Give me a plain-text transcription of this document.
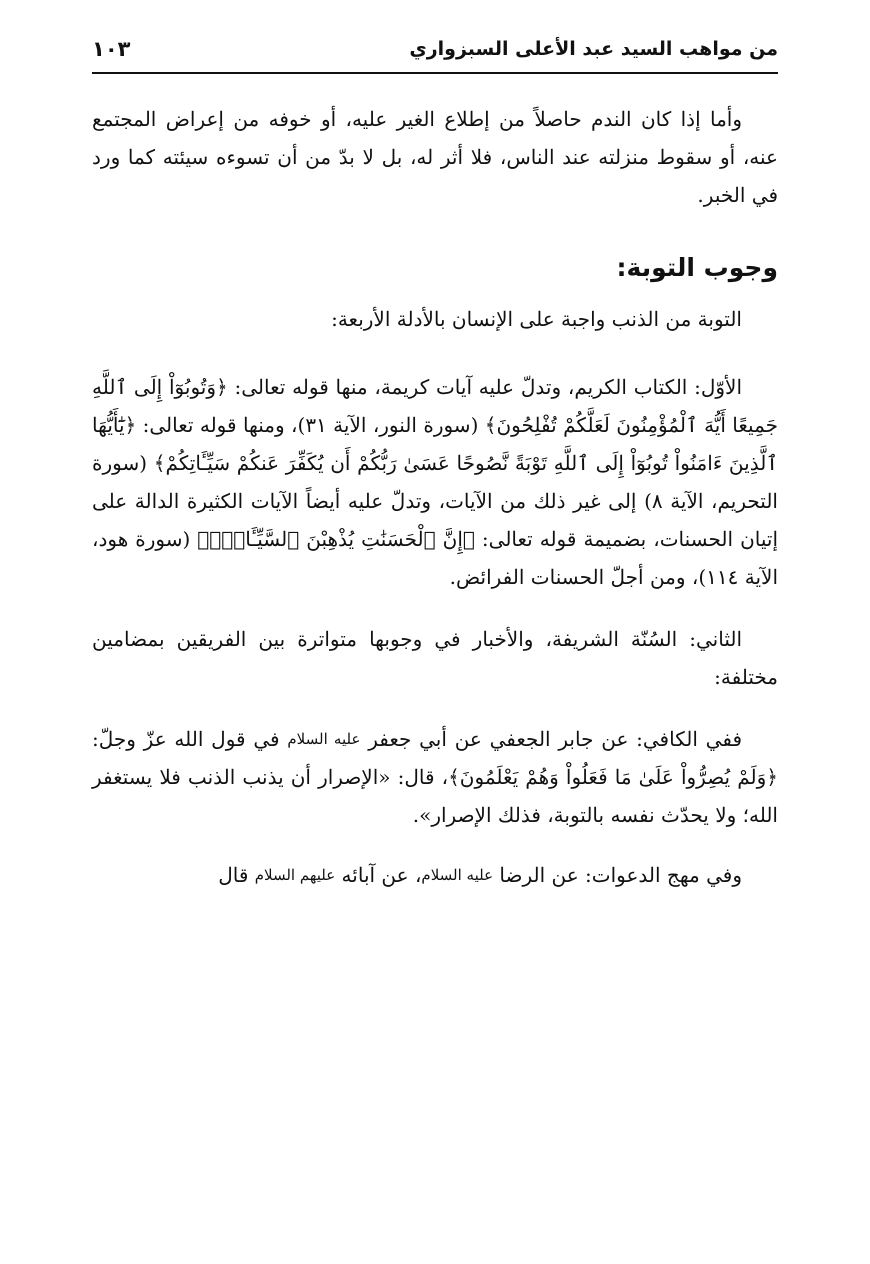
من مواهب السيد عبد الأعلى السبزواري
١٠٣

وأما إذا كان الندم حاصلاً من إطلاع الغير عليه، أو خوفه من إعراض المجتمع عنه، أو سقوط منزلته عند الناس، فلا أثر له، بل لا بدّ من أن تسوءه سيئته كما ورد في الخبر.

وجوب التوبة:

التوبة من الذنب واجبة على الإنسان بالأدلة الأربعة:

الأوّل: الكتاب الكريم، وتدلّ عليه آيات كريمة، منها قوله تعالى: ﴿وَتُوبُوٓاْ إِلَى ٱللَّهِ جَمِيعًا أَيُّهَ ٱلْمُؤْمِنُونَ لَعَلَّكُمْ تُفْلِحُونَ﴾ (سورة النور، الآية ٣١)، ومنها قوله تعالى: ﴿يَٰٓأَيُّهَا ٱلَّذِينَ ءَامَنُواْ تُوبُوٓاْ إِلَى ٱللَّهِ تَوْبَةً نَّصُوحًا عَسَىٰ رَبُّكُمْ أَن يُكَفِّرَ عَنكُمْ سَيِّـَٔاتِكُمْ﴾ (سورة التحريم، الآية ٨) إلى غير ذلك من الآيات، وتدلّ عليه أيضاً الآيات الكثيرة الدالة على إتيان الحسنات، بضميمة قوله تعالى: ﴿إِنَّ ٱلْحَسَنَٰتِ يُذْهِبْنَ ٱلسَّيِّـَٔاتِۚ﴾ (سورة هود، الآية ١١٤)، ومن أجلّ الحسنات الفرائض.

الثاني: السُنّة الشريفة، والأخبار في وجوبها متواترة بين الفريقين بمضامين مختلفة:

ففي الكافي: عن جابر الجعفي عن أبي جعفر عليه السلام في قول الله عزّ وجلّ: ﴿وَلَمْ يُصِرُّواْ عَلَىٰ مَا فَعَلُواْ وَهُمْ يَعْلَمُونَ﴾، قال: «الإصرار أن يذنب الذنب فلا يستغفر الله؛ ولا يحدّث نفسه بالتوبة، فذلك الإصرار».

وفي مهج الدعوات: عن الرضا عليه السلام، عن آبائه عليهم السلام قال
